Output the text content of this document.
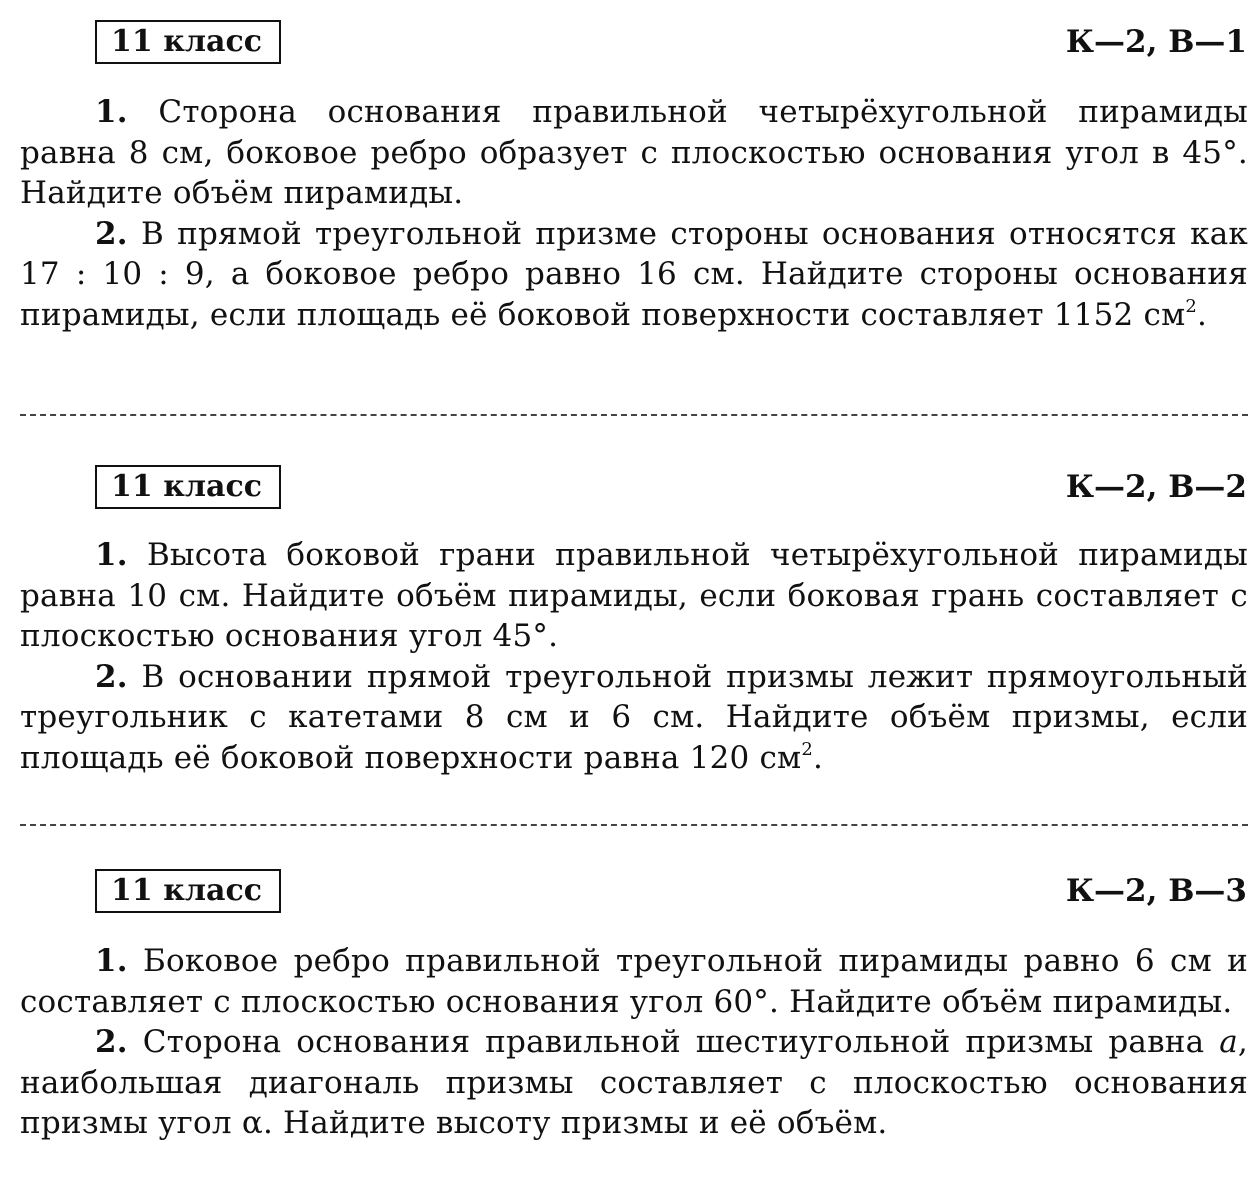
11 класс	К—2, В—1

1. Сторона основания правильной четырёхугольной пирамиды равна 8 см, боковое ребро образует с плоскостью основания угол в 45°. Найдите объём пирамиды.

2. В прямой треугольной призме стороны основания относятся как 17 : 10 : 9, а боковое ребро равно 16 см. Найдите стороны основания пирамиды, если площадь её боковой поверхности составляет 1152 $см^2$.

11 класс	К—2, В—2

1. Высота боковой грани правильной четырёхугольной пирамиды равна 10 см. Найдите объём пирамиды, если боковая грань составляет с плоскостью основания угол 45°.

2. В основании прямой треугольной призмы лежит прямоугольный треугольник с катетами 8 см и 6 см. Найдите объём призмы, если площадь её боковой поверхности равна 120 $см^2$.

11 класс	К—2, В—3

1. Боковое ребро правильной треугольной пирамиды равно 6 см и составляет с плоскостью основания угол 60°. Найдите объём пирамиды.

2. Сторона основания правильной шестиугольной призмы равна a, наибольшая диагональ призмы составляет с плоскостью основания призмы угол α. Найдите высоту призмы и её объём.
